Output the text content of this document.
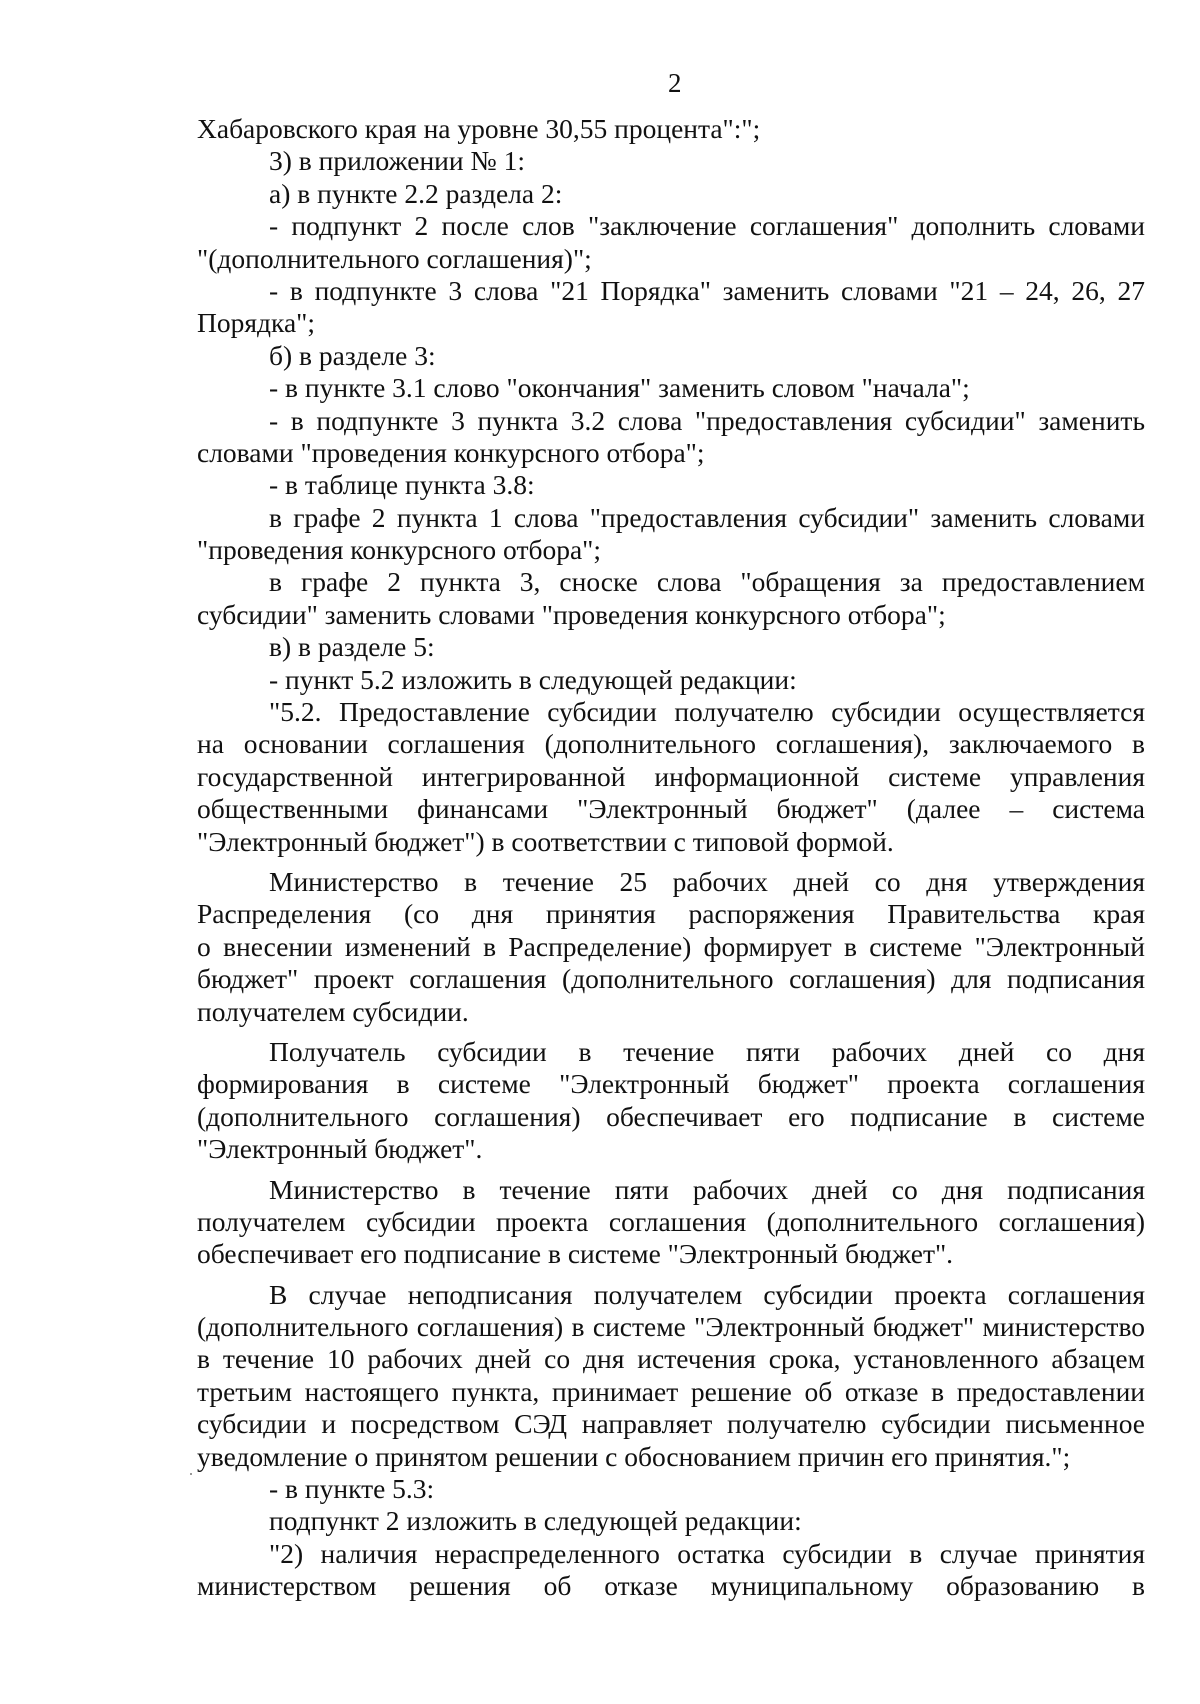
2
Хабаровского края на уровне 30,55 процента":";
3) в приложении № 1:
а) в пункте 2.2 раздела 2:
- подпункт 2 после слов "заключение соглашения" дополнить словами
"(дополнительного соглашения)";
- в подпункте 3 слова "21 Порядка" заменить словами "21 – 24, 26, 27
Порядка";
б) в разделе 3:
- в пункте 3.1 слово "окончания" заменить словом "начала";
- в подпункте 3 пункта 3.2 слова "предоставления субсидии" заменить
словами "проведения конкурсного отбора";
- в таблице пункта 3.8:
в графе 2 пункта 1 слова "предоставления субсидии" заменить словами
"проведения конкурсного отбора";
в графе 2 пункта 3, сноске слова "обращения за предоставлением
субсидии" заменить словами "проведения конкурсного отбора";
в) в разделе 5:
- пункт 5.2 изложить в следующей редакции:
"5.2. Предоставление субсидии получателю субсидии осуществляется
на основании соглашения (дополнительного соглашения), заключаемого в
государственной интегрированной информационной системе управления
общественными финансами "Электронный бюджет" (далее – система
"Электронный бюджет") в соответствии с типовой формой.
Министерство в течение 25 рабочих дней со дня утверждения
Распределения (со дня принятия распоряжения Правительства края
о внесении изменений в Распределение) формирует в системе "Электронный
бюджет" проект соглашения (дополнительного соглашения) для подписания
получателем субсидии.
Получатель субсидии в течение пяти рабочих дней со дня
формирования в системе "Электронный бюджет" проекта соглашения
(дополнительного соглашения) обеспечивает его подписание в системе
"Электронный бюджет".
Министерство в течение пяти рабочих дней со дня подписания
получателем субсидии проекта соглашения (дополнительного соглашения)
обеспечивает его подписание в системе "Электронный бюджет".
В случае неподписания получателем субсидии проекта соглашения
(дополнительного соглашения) в системе "Электронный бюджет" министерство
в течение 10 рабочих дней со дня истечения срока, установленного абзацем
третьим настоящего пункта, принимает решение об отказе в предоставлении
субсидии и посредством СЭД направляет получателю субсидии письменное
уведомление о принятом решении с обоснованием причин его принятия.";
- в пункте 5.3:
подпункт 2 изложить в следующей редакции:
"2) наличия нераспределенного остатка субсидии в случае принятия
министерством решения об отказе муниципальному образованию в
